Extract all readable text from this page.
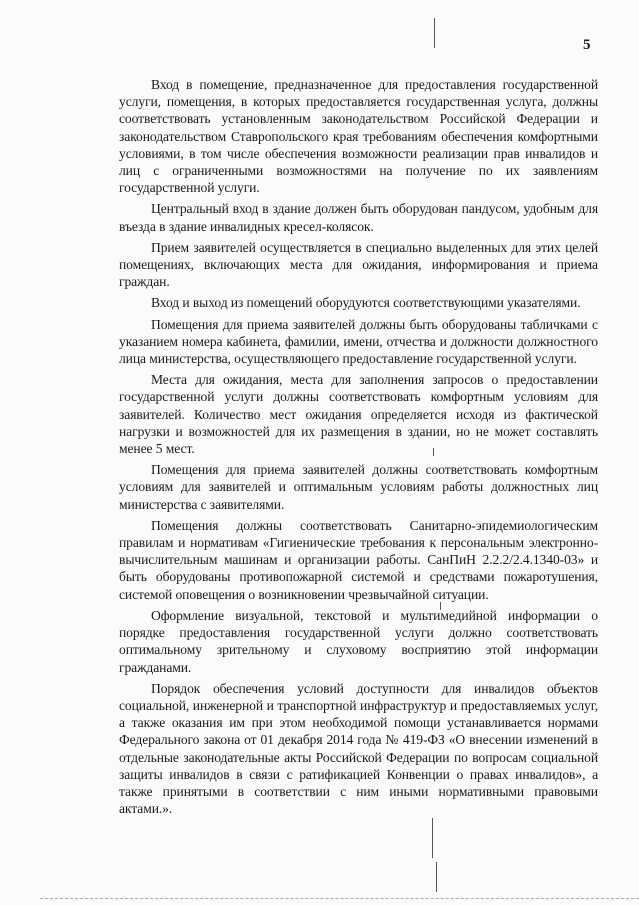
5

Вход в помещение, предназначенное для предоставления государственной услуги, помещения, в которых предоставляется государственная услуга, должны соответствовать установленным законодательством Российской Федерации и законодательством Ставропольского края требованиям обеспечения комфортными условиями, в том числе обеспечения возможности реализации прав инвалидов и лиц с ограниченными возможностями на получение по их заявлениям государственной услуги.

Центральный вход в здание должен быть оборудован пандусом, удобным для въезда в здание инвалидных кресел-колясок.

Прием заявителей осуществляется в специально выделенных для этих целей помещениях, включающих места для ожидания, информирования и приема граждан.

Вход и выход из помещений оборудуются соответствующими указателями.

Помещения для приема заявителей должны быть оборудованы табличками с указанием номера кабинета, фамилии, имени, отчества и должности должностного лица министерства, осуществляющего предоставление государственной услуги.

Места для ожидания, места для заполнения запросов о предоставлении государственной услуги должны соответствовать комфортным условиям для заявителей. Количество мест ожидания определяется исходя из фактической нагрузки и возможностей для их размещения в здании, но не может составлять менее 5 мест.

Помещения для приема заявителей должны соответствовать комфортным условиям для заявителей и оптимальным условиям работы должностных лиц министерства с заявителями.

Помещения должны соответствовать Санитарно-эпидемиологическим правилам и нормативам «Гигиенические требования к персональным электронно-вычислительным машинам и организации работы. СанПиН 2.2.2/2.4.1340-03» и быть оборудованы противопожарной системой и средствами пожаротушения, системой оповещения о возникновении чрезвычайной ситуации.

Оформление визуальной, текстовой и мультимедийной информации о порядке предоставления государственной услуги должно соответствовать оптимальному зрительному и слуховому восприятию этой информации гражданами.

Порядок обеспечения условий доступности для инвалидов объектов социальной, инженерной и транспортной инфраструктур и предоставляемых услуг, а также оказания им при этом необходимой помощи устанавливается нормами Федерального закона от 01 декабря 2014 года № 419-ФЗ «О внесении изменений в отдельные законодательные акты Российской Федерации по вопросам социальной защиты инвалидов в связи с ратификацией Конвенции о правах инвалидов», а также принятыми в соответствии с ним иными нормативными правовыми актами.».
